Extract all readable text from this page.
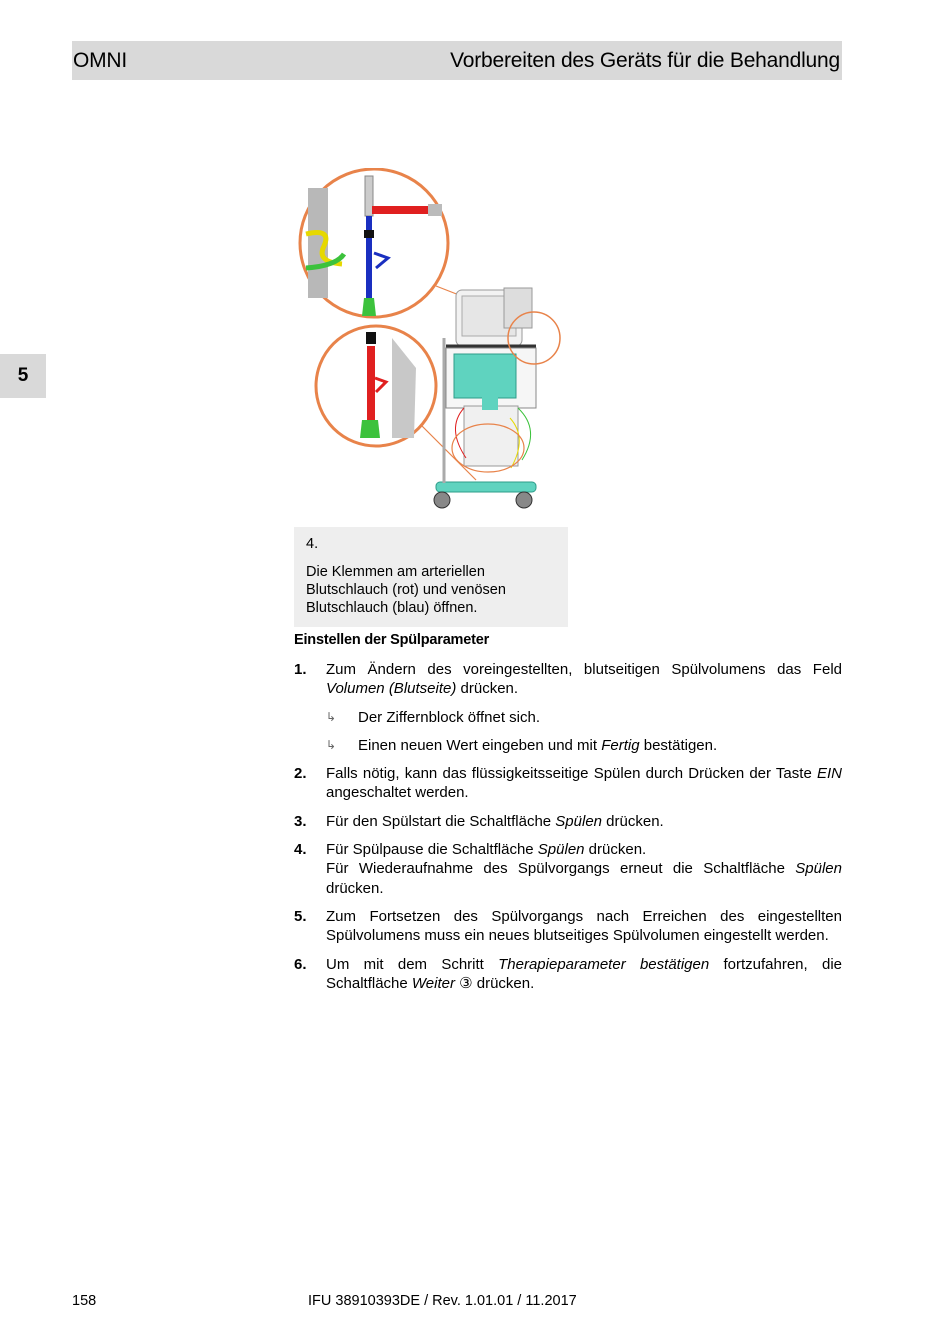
OMNI	Vorbereiten des Geräts für die Behandlung
5
4.
Die Klemmen am arteriellen Blutschlauch (rot) und venösen Blutschlauch (blau) öffnen.
Einstellen der Spülparameter
1.	Zum Ändern des voreingestellten, blutseitigen Spülvolumens das Feld Volumen (Blutseite) drücken.
↳	Der Ziffernblock öffnet sich.
↳	Einen neuen Wert eingeben und mit Fertig bestätigen.
2.	Falls nötig, kann das flüssigkeitsseitige Spülen durch Drücken der Taste EIN angeschaltet werden.
3.	Für den Spülstart die Schaltfläche Spülen drücken.
4.	Für Spülpause die Schaltfläche Spülen drücken.
Für Wiederaufnahme des Spülvorgangs erneut die Schaltfläche Spülen drücken.
5.	Zum Fortsetzen des Spülvorgangs nach Erreichen des eingestellten Spülvolumens muss ein neues blutseitiges Spülvolumen eingestellt werden.
6.	Um mit dem Schritt Therapieparameter bestätigen fortzufahren, die Schaltfläche Weiter ③ drücken.
158	IFU 38910393DE / Rev. 1.01.01 / 11.2017
